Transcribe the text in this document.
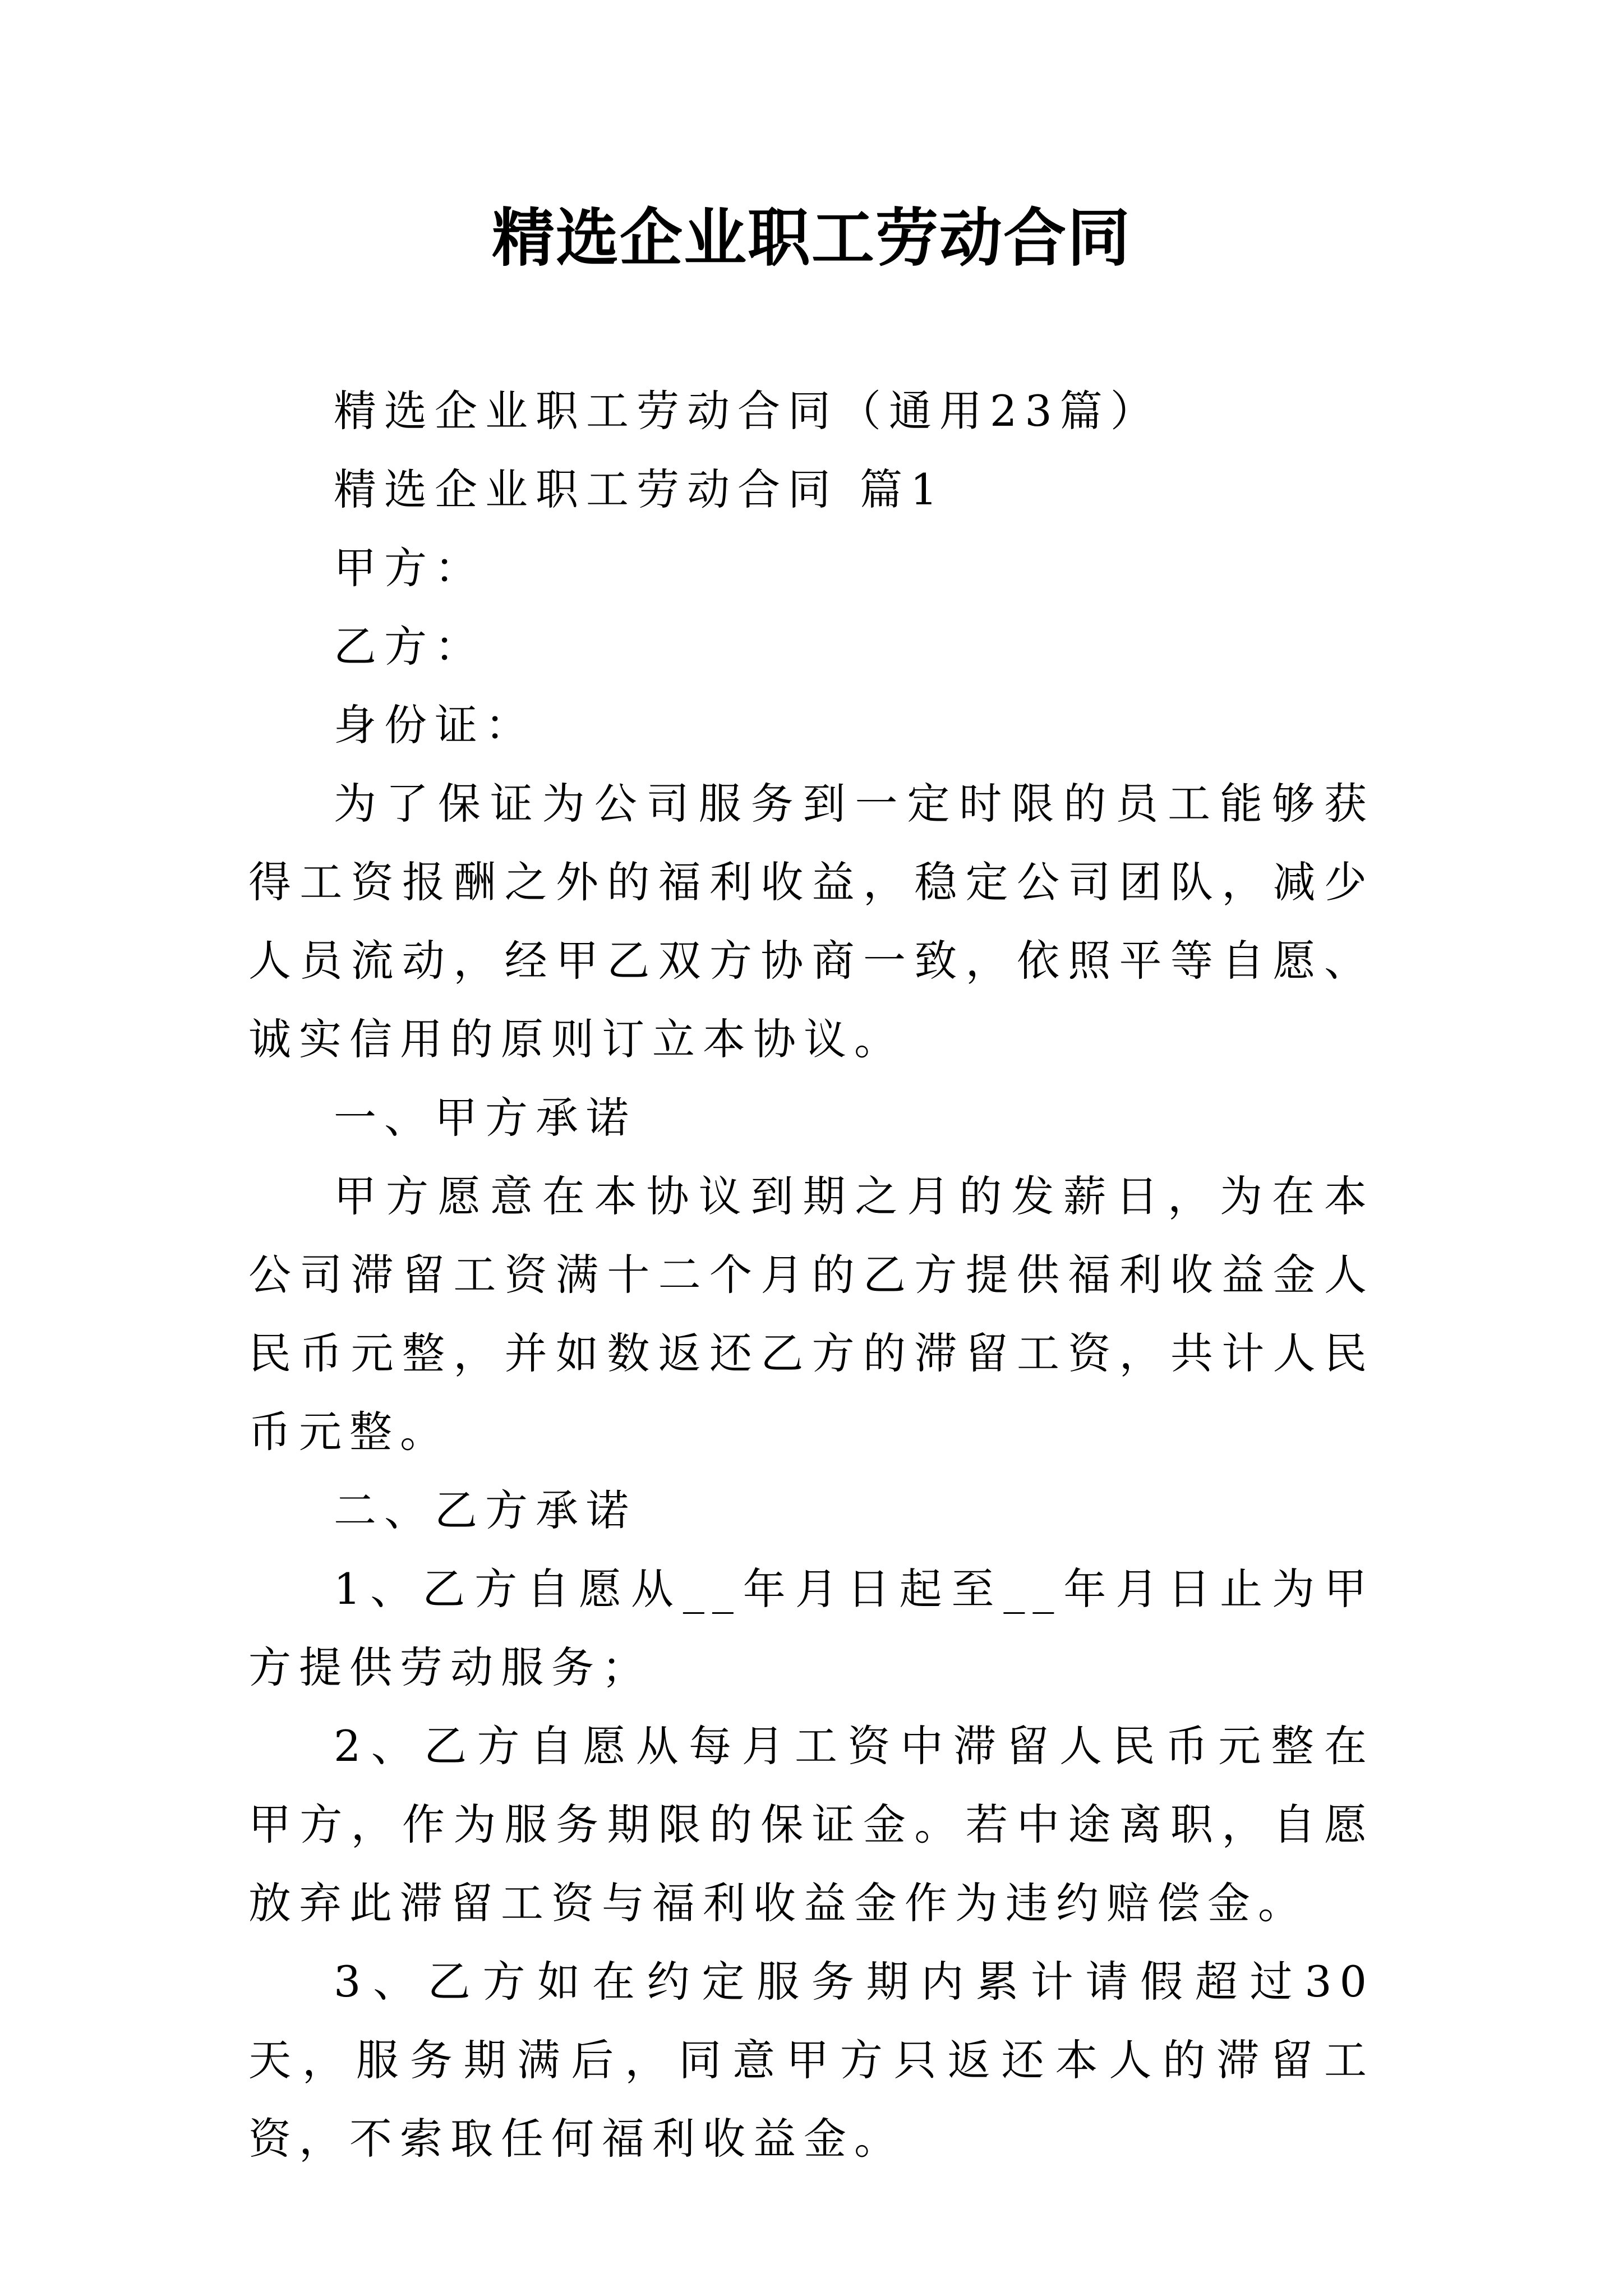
精选企业职工劳动合同

精选企业职工劳动合同（通用23篇）

精选企业职工劳动合同 篇1

甲方：

乙方：

身份证：

为了保证为公司服务到一定时限的员工能够获得工资报酬之外的福利收益，稳定公司团队，减少人员流动，经甲乙双方协商一致，依照平等自愿、诚实信用的原则订立本协议。

一、甲方承诺

甲方愿意在本协议到期之月的发薪日，为在本公司滞留工资满十二个月的乙方提供福利收益金人民币元整，并如数返还乙方的滞留工资，共计人民币元整。

二、乙方承诺

1、乙方自愿从__年月日起至__年月日止为甲方提供劳动服务；

2、乙方自愿从每月工资中滞留人民币元整在甲方，作为服务期限的保证金。若中途离职，自愿放弃此滞留工资与福利收益金作为违约赔偿金。

3、乙方如在约定服务期内累计请假超过30天，服务期满后，同意甲方只返还本人的滞留工资，不索取任何福利收益金。
